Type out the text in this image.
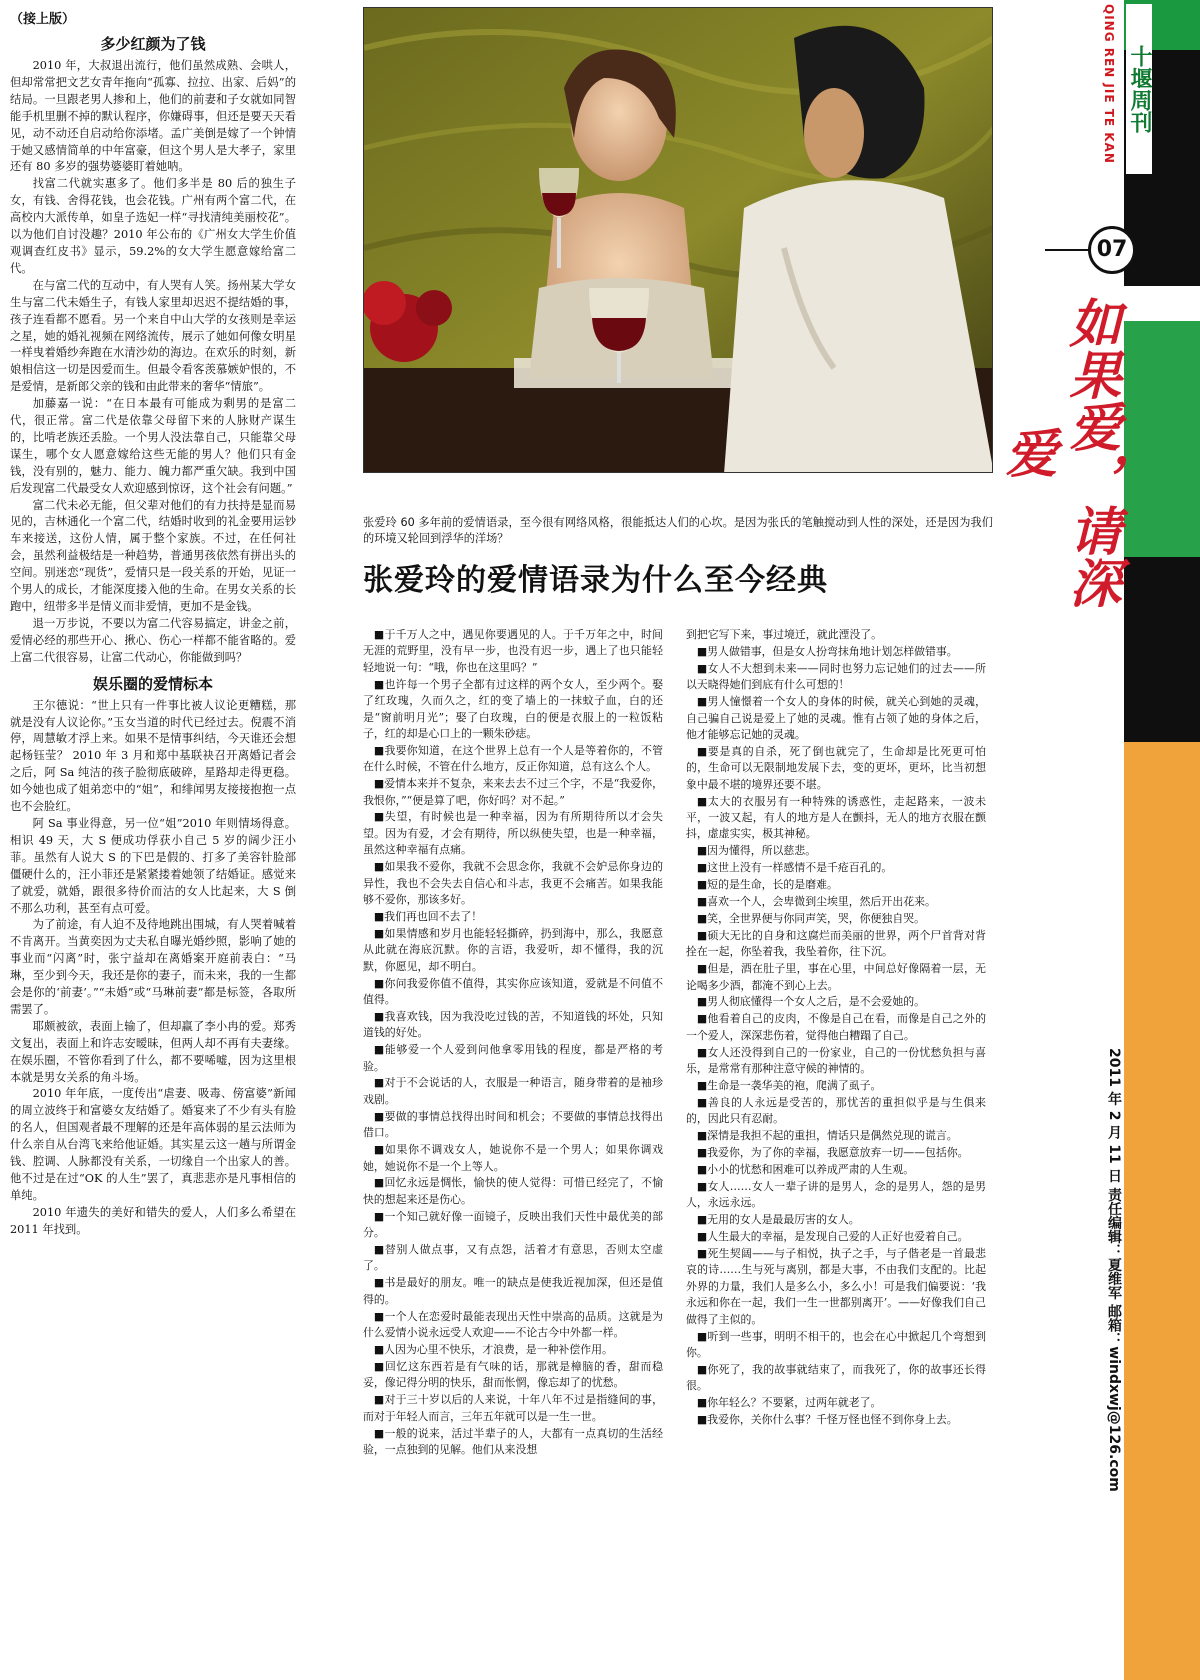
（接上版）
多少红颜为了钱

2010 年，大叔退出流行，他们虽然成熟、会哄人，但却常常把文艺女青年拖向“孤寡、拉拉、出家、后妈”的结局。一旦跟老男人掺和上，他们的前妻和子女就如同智能手机里删不掉的默认程序，你嫌碍事，但还是要天天看见，动不动还自启动给你添堵。孟广美倒是嫁了一个钟情于她又感情简单的中年富豪，但这个男人是大孝子，家里还有 80 多岁的强势婆婆盯着她呐。

找富二代就实惠多了。他们多半是 80 后的独生子女，有钱、舍得花钱，也会花钱。广州有两个富二代，在高校内大派传单，如皇子选妃一样“寻找清纯美丽校花”。以为他们自讨没趣？2010 年公布的《广州女大学生价值观调查红皮书》显示，59.2%的女大学生愿意嫁给富二代。

在与富二代的互动中，有人哭有人笑。扬州某大学女生与富二代未婚生子，有钱人家里却迟迟不提结婚的事，孩子连看都不愿看。另一个来自中山大学的女孩则是幸运之星，她的婚礼视频在网络流传，展示了她如何像女明星一样曳着婚纱奔跑在水清沙幼的海边。在欢乐的时刻，新娘相信这一切是因爱而生。但最令看客羡慕嫉妒恨的，不是爱情，是新郎父亲的钱和由此带来的奢华“情旅”。

加藤嘉一说：“在日本最有可能成为剩男的是富二代，很正常。富二代是依靠父母留下来的人脉财产谋生的，比啃老族还丢脸。一个男人没法靠自己，只能靠父母谋生，哪个女人愿意嫁给这些无能的男人？他们只有金钱，没有别的，魅力、能力、魄力都严重欠缺。我到中国后发现富二代最受女人欢迎感到惊讶，这个社会有问题。”

富二代未必无能，但父辈对他们的有力扶持是显而易见的，吉林通化一个富二代，结婚时收到的礼金要用运钞车来接送，这份人情，属于整个家族。不过，在任何社会，虽然利益极结是一种趋势，普通男孩依然有拼出头的空间。别迷恋“现货”，爱情只是一段关系的开始，见证一个男人的成长，才能深度搂入他的生命。在男女关系的长跑中，纽带多半是情义而非爱情，更加不是金钱。

退一万步说，不要以为富二代容易搞定，讲金之前，爱情必经的那些开心、揪心、伤心一样都不能省略的。爱上富二代很容易，让富二代动心，你能做到吗？

娱乐圈的爱情标本

王尔德说：“世上只有一件事比被人议论更糟糕，那就是没有人议论你。”玉女当道的时代已经过去。倪震不消停，周慧敏才浮上来。如果不是情事纠结，今天谁还会想起杨钰莹？ 2010 年 3 月和郑中基联袂召开离婚记者会之后，阿 Sa 纯洁的孩子脸彻底破碎，星路却走得更稳。如今她也成了姐弟恋中的“姐”，和绯闻男友接接抱抱一点也不会脸红。

阿 Sa 事业得意，另一位“姐”2010 年则情场得意。相识 49 天，大 S 便成功俘获小自己 5 岁的阔少汪小菲。虽然有人说大 S 的下巴是假的、打多了美容针脸部僵硬什么的，汪小菲还是紧紧搂着她领了结婚证。感觉来了就爱，就婚，跟很多待价而沽的女人比起来，大 S 倒不那么功利，甚至有点可爱。

为了前途，有人迫不及待地跳出围城，有人哭着喊着不肯离开。当黄奕因为丈夫私自曝光婚纱照，影响了她的事业而“闪离”时，张宁益却在离婚案开庭前表白：“马琳，至少到今天，我还是你的妻子，而未来，我的一生都会是你的‘前妻’。”“未婚”或“马琳前妻”都是标签，各取所需罢了。

耶颇被欲，表面上输了，但却赢了李小冉的爱。郑秀文复出，表面上和许志安暧昧，但两人却不再有夫妻缘。在娱乐圈，不管你看到了什么，都不要唏嘘，因为这里根本就是男女关系的角斗场。

2010 年年底，一度传出“虐妻、吸毒、傍富婆”新闻的周立波终于和富婆女友结婚了。婚宴来了不少有头有脸的名人，但国观者最不理解的还是年高体弱的星云法师为什么亲自从台湾飞来给他证婚。其实星云这一趟与所谓金钱、腔调、人脉都没有关系，一切缘自一个出家人的善。他不过是在过“OK 的人生”罢了，真悲悲亦是凡事相信的单纯。

2010 年遗失的美好和错失的爱人，人们多么希望在 2011 年找到。

张爱玲 60 多年前的爱情语录，至今很有网络风格，很能抵达人们的心坎。是因为张氏的笔触搅动到人性的深处，还是因为我们的环境又轮回到浮华的洋场？
张爱玲的爱情语录为什么至今经典

■于千万人之中，遇见你要遇见的人。于千万年之中，时间无涯的荒野里，没有早一步，也没有迟一步，遇上了也只能轻轻地说一句：“哦，你也在这里吗？”

■也许每一个男子全都有过这样的两个女人，至少两个。娶了红玫瑰，久而久之，红的变了墙上的一抹蚊子血，白的还是“窗前明月光”；娶了白玫瑰，白的便是衣服上的一粒饭粘子，红的却是心口上的一颗朱砂痣。

■我要你知道，在这个世界上总有一个人是等着你的，不管在什么时候，不管在什么地方，反正你知道，总有这么个人。

■爱情本来并不复杂，来来去去不过三个字，不是“我爱你，我恨你，”“便是算了吧，你好吗？对不起。”

■失望，有时候也是一种幸福，因为有所期待所以才会失望。因为有爱，才会有期待，所以纵使失望，也是一种幸福，虽然这种幸福有点痛。

■如果我不爱你，我就不会思念你，我就不会妒忌你身边的异性，我也不会失去自信心和斗志，我更不会痛苦。如果我能够不爱你，那该多好。

■我们再也回不去了！

■如果情感和岁月也能轻轻撕碎，扔到海中，那么，我愿意从此就在海底沉默。你的言语，我爱听，却不懂得，我的沉默，你愿见，却不明白。

■你问我爱你值不值得，其实你应该知道，爱就是不问值不值得。

■我喜欢钱，因为我没吃过钱的苦，不知道钱的坏处，只知道钱的好处。

■能够爱一个人爱到问他拿零用钱的程度，都是严格的考验。

■对于不会说话的人，衣服是一种语言，随身带着的是袖珍戏剧。

■要做的事情总找得出时间和机会；不要做的事情总找得出借口。

■如果你不调戏女人，她说你不是一个男人；如果你调戏她，她说你不是一个上等人。

■回忆永远是惆怅，愉快的使人觉得：可惜已经完了，不愉快的想起来还是伤心。

■一个知己就好像一面镜子，反映出我们天性中最优美的部分。

■替别人做点事，又有点怨，活着才有意思，否则太空虚了。

■书是最好的朋友。唯一的缺点是使我近视加深，但还是值得的。

■一个人在恋爱时最能表现出天性中崇高的品质。这就是为什么爱情小说永远受人欢迎——不论古今中外都一样。

■人因为心里不快乐，才浪费，是一种补偿作用。

■回忆这东西若是有气味的话，那就是樟脑的香，甜而稳妥，像记得分明的快乐，甜而怅惘，像忘却了的忧愁。

■对于三十岁以后的人来说，十年八年不过是指缝间的事，而对于年轻人而言，三年五年就可以是一生一世。

■一般的说来，活过半辈子的人，大都有一点真切的生活经验，一点独到的见解。他们从来没想

到把它写下来，事过境迁，就此湮没了。

■男人做错事，但是女人扮弯抹角地计划怎样做错事。

■女人不大想到未来——同时也努力忘记她们的过去——所以天晓得她们到底有什么可想的！

■男人憧憬着一个女人的身体的时候，就关心到她的灵魂，自己骗自己说是爱上了她的灵魂。惟有占领了她的身体之后，他才能够忘记她的灵魂。

■要是真的自杀，死了倒也就完了，生命却是比死更可怕的，生命可以无限制地发展下去，变的更坏，更坏，比当初想象中最不堪的境界还要不堪。

■太大的衣服另有一种特殊的诱惑性，走起路来，一波未平，一波又起，有人的地方是人在颤抖，无人的地方衣服在颤抖，虚虚实实，极其神秘。

■因为懂得，所以慈悲。

■这世上没有一样感情不是千疮百孔的。

■短的是生命，长的是磨难。

■喜欢一个人，会卑微到尘埃里，然后开出花来。

■笑，全世界便与你同声笑，哭，你便独自哭。

■硕大无比的自身和这腐烂而美丽的世界，两个尸首背对背拴在一起，你坠着我，我坠着你，往下沉。

■但是，酒在肚子里，事在心里，中间总好像隔着一层，无论喝多少酒，都淹不到心上去。

■男人彻底懂得一个女人之后，是不会爱她的。

■他看着自己的皮肉，不像是自己在看，而像是自己之外的一个爱人，深深悲伤着，觉得他白糟蹋了自己。

■女人还没得到自己的一份家业，自己的一份忧愁负担与喜乐，是常常有那种注意守候的神情的。

■生命是一袭华美的袍，爬满了虱子。

■善良的人永远是受苦的，那忧苦的重担似乎是与生俱来的，因此只有忍耐。

■深情是我担不起的重担，情话只是偶然兑现的谎言。

■我爱你，为了你的幸福，我愿意放弃一切——包括你。

■小小的忧愁和困难可以养成严肃的人生观。

■女人……女人一辈子讲的是男人，念的是男人，怨的是男人，永远永远。

■无用的女人是最最厉害的女人。

■人生最大的幸福，是发现自己爱的人正好也爱着自己。

■死生契阔——与子相悦，执子之手，与子偕老是一首最悲哀的诗……生与死与离别，都是大事，不由我们支配的。比起外界的力量，我们人是多么小，多么小！可是我们偏要说：‘我永远和你在一起，我们一生一世都别离开’。——好像我们自己做得了主似的。

■听到一些事，明明不相干的，也会在心中掀起几个弯想到你。

■你死了，我的故事就结束了，而我死了，你的故事还长得很。

■你年轻么？不要紧，过两年就老了。

■我爱你，关你什么事？千怪万怪也怪不到你身上去。

十堰周刊
QING REN JIE TE KAN
07
如果爱，请深爱
2011 年 2 月 11 日 责任编辑：夏维军 邮箱：windxwj@126.com
